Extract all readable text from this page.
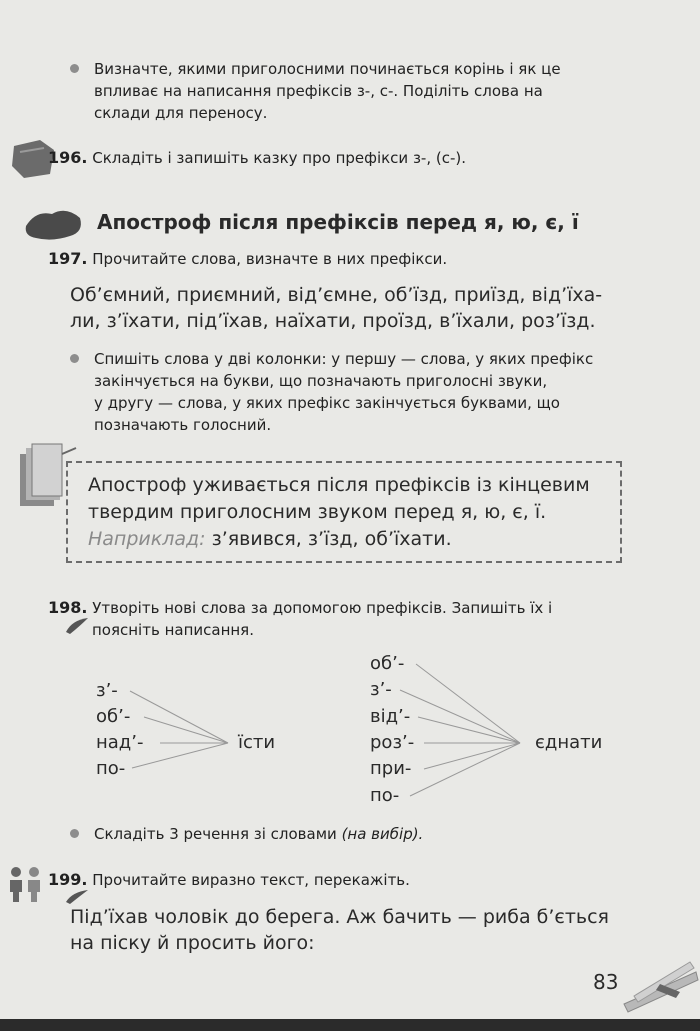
Визначте, якими приголосними починається корінь і як це
впливає на написання префіксів з-, с-. Поділіть слова на
склади для переносу.
196. Складіть і запишіть казку про префікси з-, (с-).
Апостроф після префіксів перед я, ю, є, ї
197. Прочитайте слова, визначте в них префікси.
Об’ємний, приємний, від’ємне, об’їзд, приїзд, від’їха-
ли, з’їхати, під’їхав, наїхати, проїзд, в’їхали, роз’їзд.
Спишіть слова у дві колонки: у першу — слова, у яких префікс
закінчується на букви, що позначають приголосні звуки,
у другу — слова, у яких префікс закінчується буквами, що
позначають голосний.
Апостроф уживається після префіксів із кінцевим
твердим приголосним звуком перед я, ю, є, ї.
Наприклад: з’явився, з’їзд, об’їхати.
198. Утворіть нові слова за допомогою префіксів. Запишіть їх і
поясніть написання.
з’-
об’-
над’-
по-
їсти
об’-
з’-
від’-
роз’-
при-
по-
єднати
Складіть 3 речення зі словами (на вибір).
199. Прочитайте виразно текст, перекажіть.
Під’їхав чоловік до берега. Аж бачить — риба б’ється
на піску й просить його:
83
